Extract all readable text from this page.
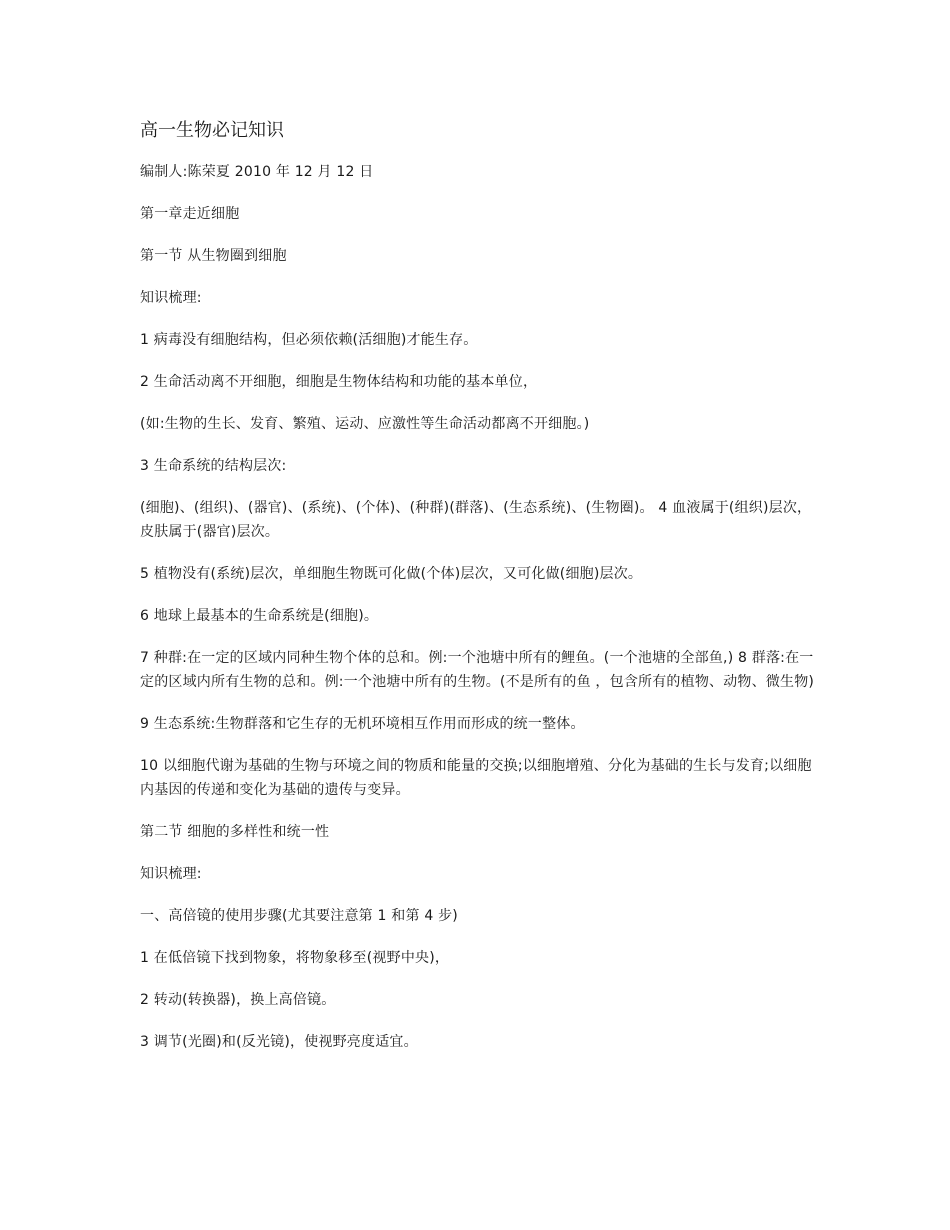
高一生物必记知识

编制人:陈荣夏 2010 年 12 月 12 日

第一章走近细胞

第一节 从生物圈到细胞

知识梳理:

1 病毒没有细胞结构，但必须依赖(活细胞)才能生存。

2 生命活动离不开细胞，细胞是生物体结构和功能的基本单位，

(如:生物的生长、发育、繁殖、运动、应激性等生命活动都离不开细胞。)

3 生命系统的结构层次:

(细胞)、(组织)、(器官)、(系统)、(个体)、(种群)(群落)、(生态系统)、(生物圈)。 4 血液属于(组织)层次，皮肤属于(器官)层次。

5 植物没有(系统)层次，单细胞生物既可化做(个体)层次，又可化做(细胞)层次。

6 地球上最基本的生命系统是(细胞)。

7 种群:在一定的区域内同种生物个体的总和。例:一个池塘中所有的鲤鱼。(一个池塘的全部鱼,) 8 群落:在一定的区域内所有生物的总和。例:一个池塘中所有的生物。(不是所有的鱼 ，包含所有的植物、动物、微生物)

9 生态系统:生物群落和它生存的无机环境相互作用而形成的统一整体。

10 以细胞代谢为基础的生物与环境之间的物质和能量的交换;以细胞增殖、分化为基础的生长与发育;以细胞内基因的传递和变化为基础的遗传与变异。

第二节 细胞的多样性和统一性

知识梳理:

一、高倍镜的使用步骤(尤其要注意第 1 和第 4 步)

1 在低倍镜下找到物象，将物象移至(视野中央)，

2 转动(转换器)，换上高倍镜。

3 调节(光圈)和(反光镜)，使视野亮度适宜。
